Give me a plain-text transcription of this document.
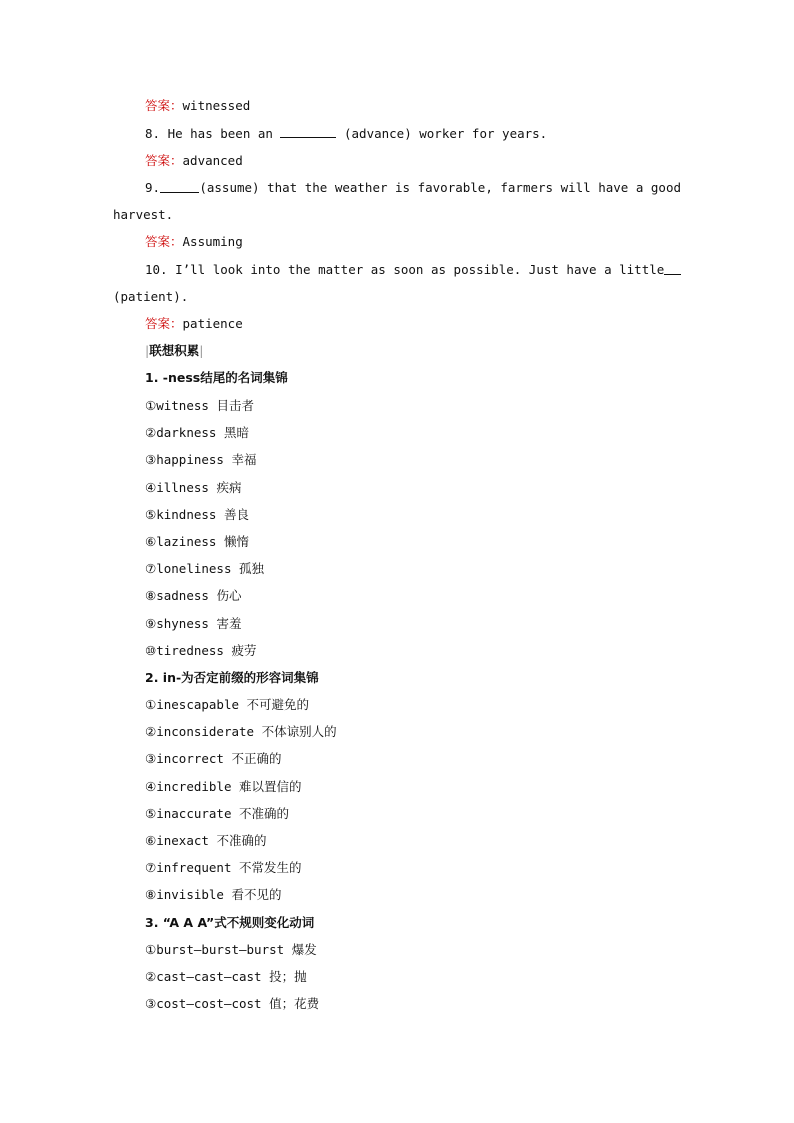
答案：witnessed
8. He has been an	(advance) worker for years.
答案：advanced
9.	(assume) that the weather is favorable, farmers will have a good
harvest.
答案：Assuming
10. I’ll look into the matter as soon as possible. Just have a little
(patient).
答案：patience
|联想积累|
1. -ness结尾的名词集锦
①witness 目击者
②darkness 黑暗
③happiness 幸福
④illness 疾病
⑤kindness 善良
⑥laziness 懒惰
⑦loneliness 孤独
⑧sadness 伤心
⑨shyness 害羞
⑩tiredness 疲劳
2. in-为否定前缀的形容词集锦
①inescapable 不可避免的
②inconsiderate 不体谅别人的
③incorrect 不正确的
④incredible 难以置信的
⑤inaccurate 不准确的
⑥inexact 不准确的
⑦infrequent 不常发生的
⑧invisible 看不见的
3. “A A A”式不规则变化动词
①burst—burst—burst 爆发
②cast—cast—cast 投；抛
③cost—cost—cost 值；花费
